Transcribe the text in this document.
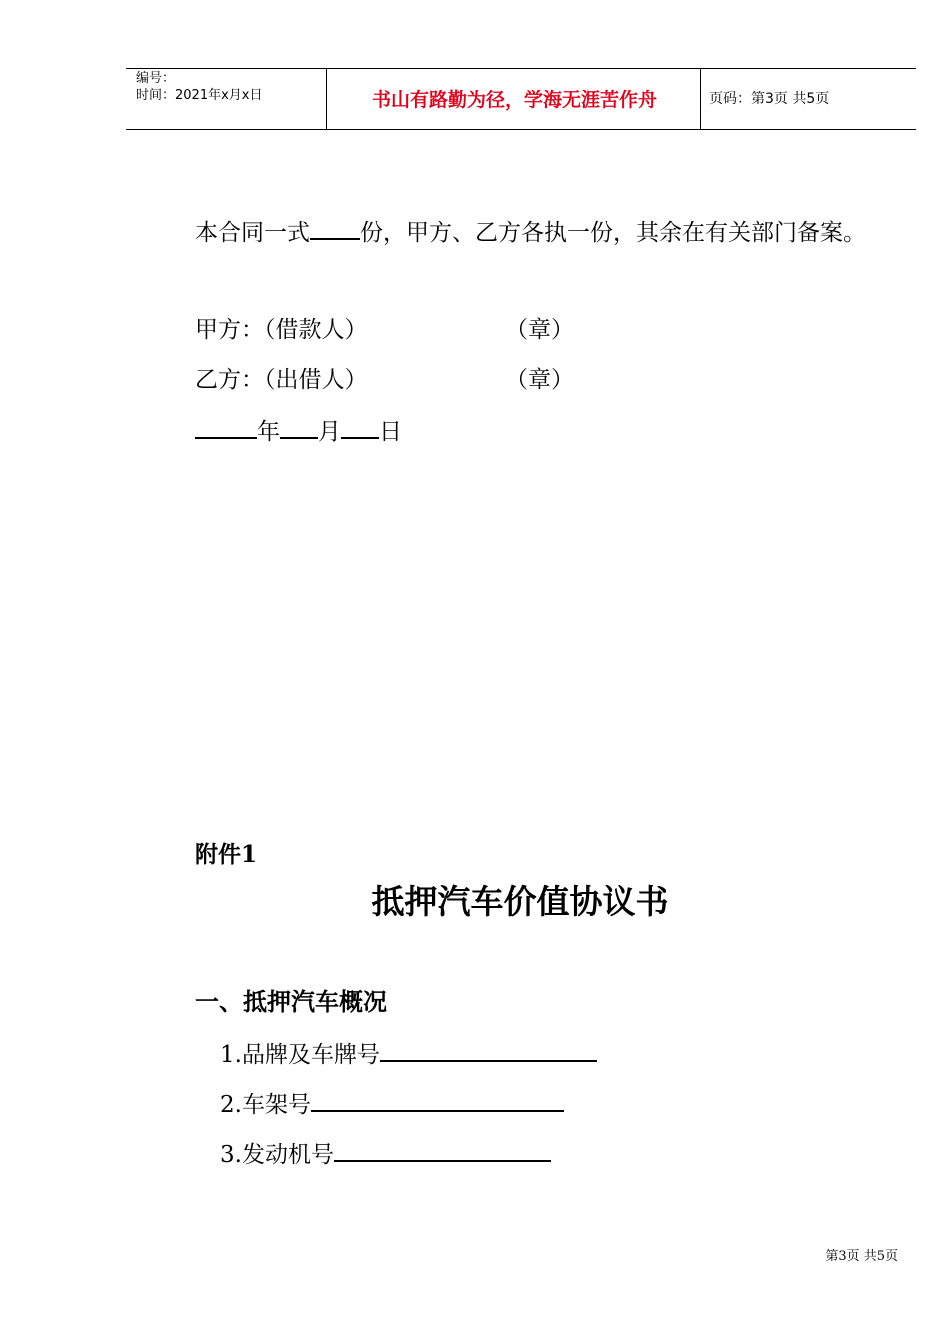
编号：
时间：2021年x月x日	书山有路勤为径，学海无涯苦作舟	页码：第3页 共5页
本合同一式 份，甲方、乙方各执一份，其余在有关部门备案。
甲方：（借款人）	（章）
乙方：（出借人）	（章）
年 月 日
附件1
抵押汽车价值协议书
一、抵押汽车概况
1.品牌及车牌号
2.车架号
3.发动机号
第3页 共5页
